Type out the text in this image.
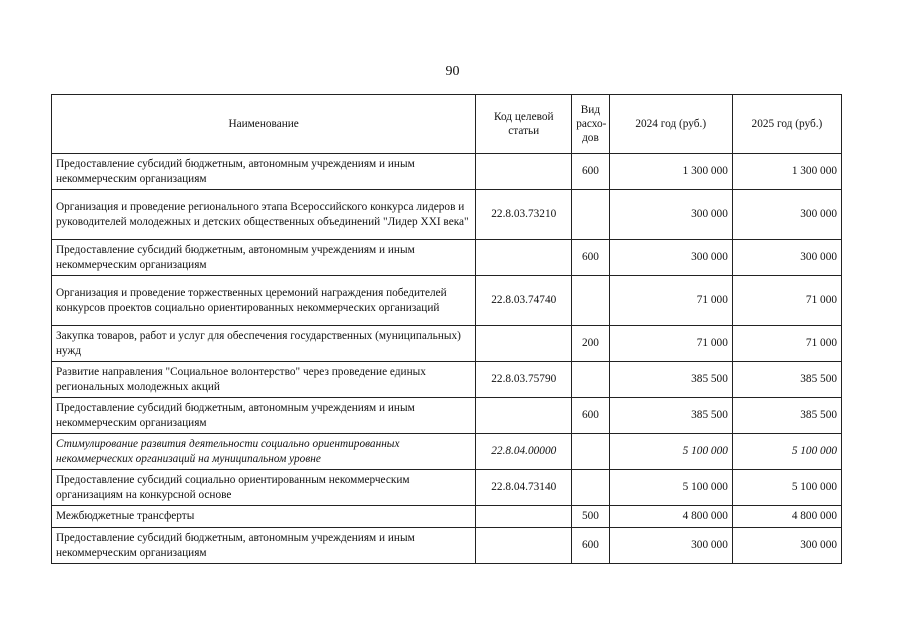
90
Наименование	Код целевой статьи	Вид расхо-дов	2024 год (руб.)	2025 год (руб.)
Предоставление субсидий бюджетным, автономным учреждениям и иным некоммерческим организациям		600	1 300 000	1 300 000
Организация и проведение регионального этапа Всероссийского конкурса лидеров и руководителей молодежных и детских общественных объединений "Лидер XXI века"	22.8.03.73210		300 000	300 000
Предоставление субсидий бюджетным, автономным учреждениям и иным некоммерческим организациям		600	300 000	300 000
Организация и проведение торжественных церемоний награждения победителей конкурсов проектов социально ориентированных некоммерческих организаций	22.8.03.74740		71 000	71 000
Закупка товаров, работ и услуг для обеспечения государственных (муниципальных) нужд		200	71 000	71 000
Развитие направления "Социальное волонтерство" через проведение единых региональных молодежных акций	22.8.03.75790		385 500	385 500
Предоставление субсидий бюджетным, автономным учреждениям и иным некоммерческим организациям		600	385 500	385 500
Стимулирование развития деятельности социально ориентированных некоммерческих организаций на муниципальном уровне	22.8.04.00000		5 100 000	5 100 000
Предоставление субсидий социально ориентированным некоммерческим организациям на конкурсной основе	22.8.04.73140		5 100 000	5 100 000
Межбюджетные трансферты		500	4 800 000	4 800 000
Предоставление субсидий бюджетным, автономным учреждениям и иным некоммерческим организациям		600	300 000	300 000
